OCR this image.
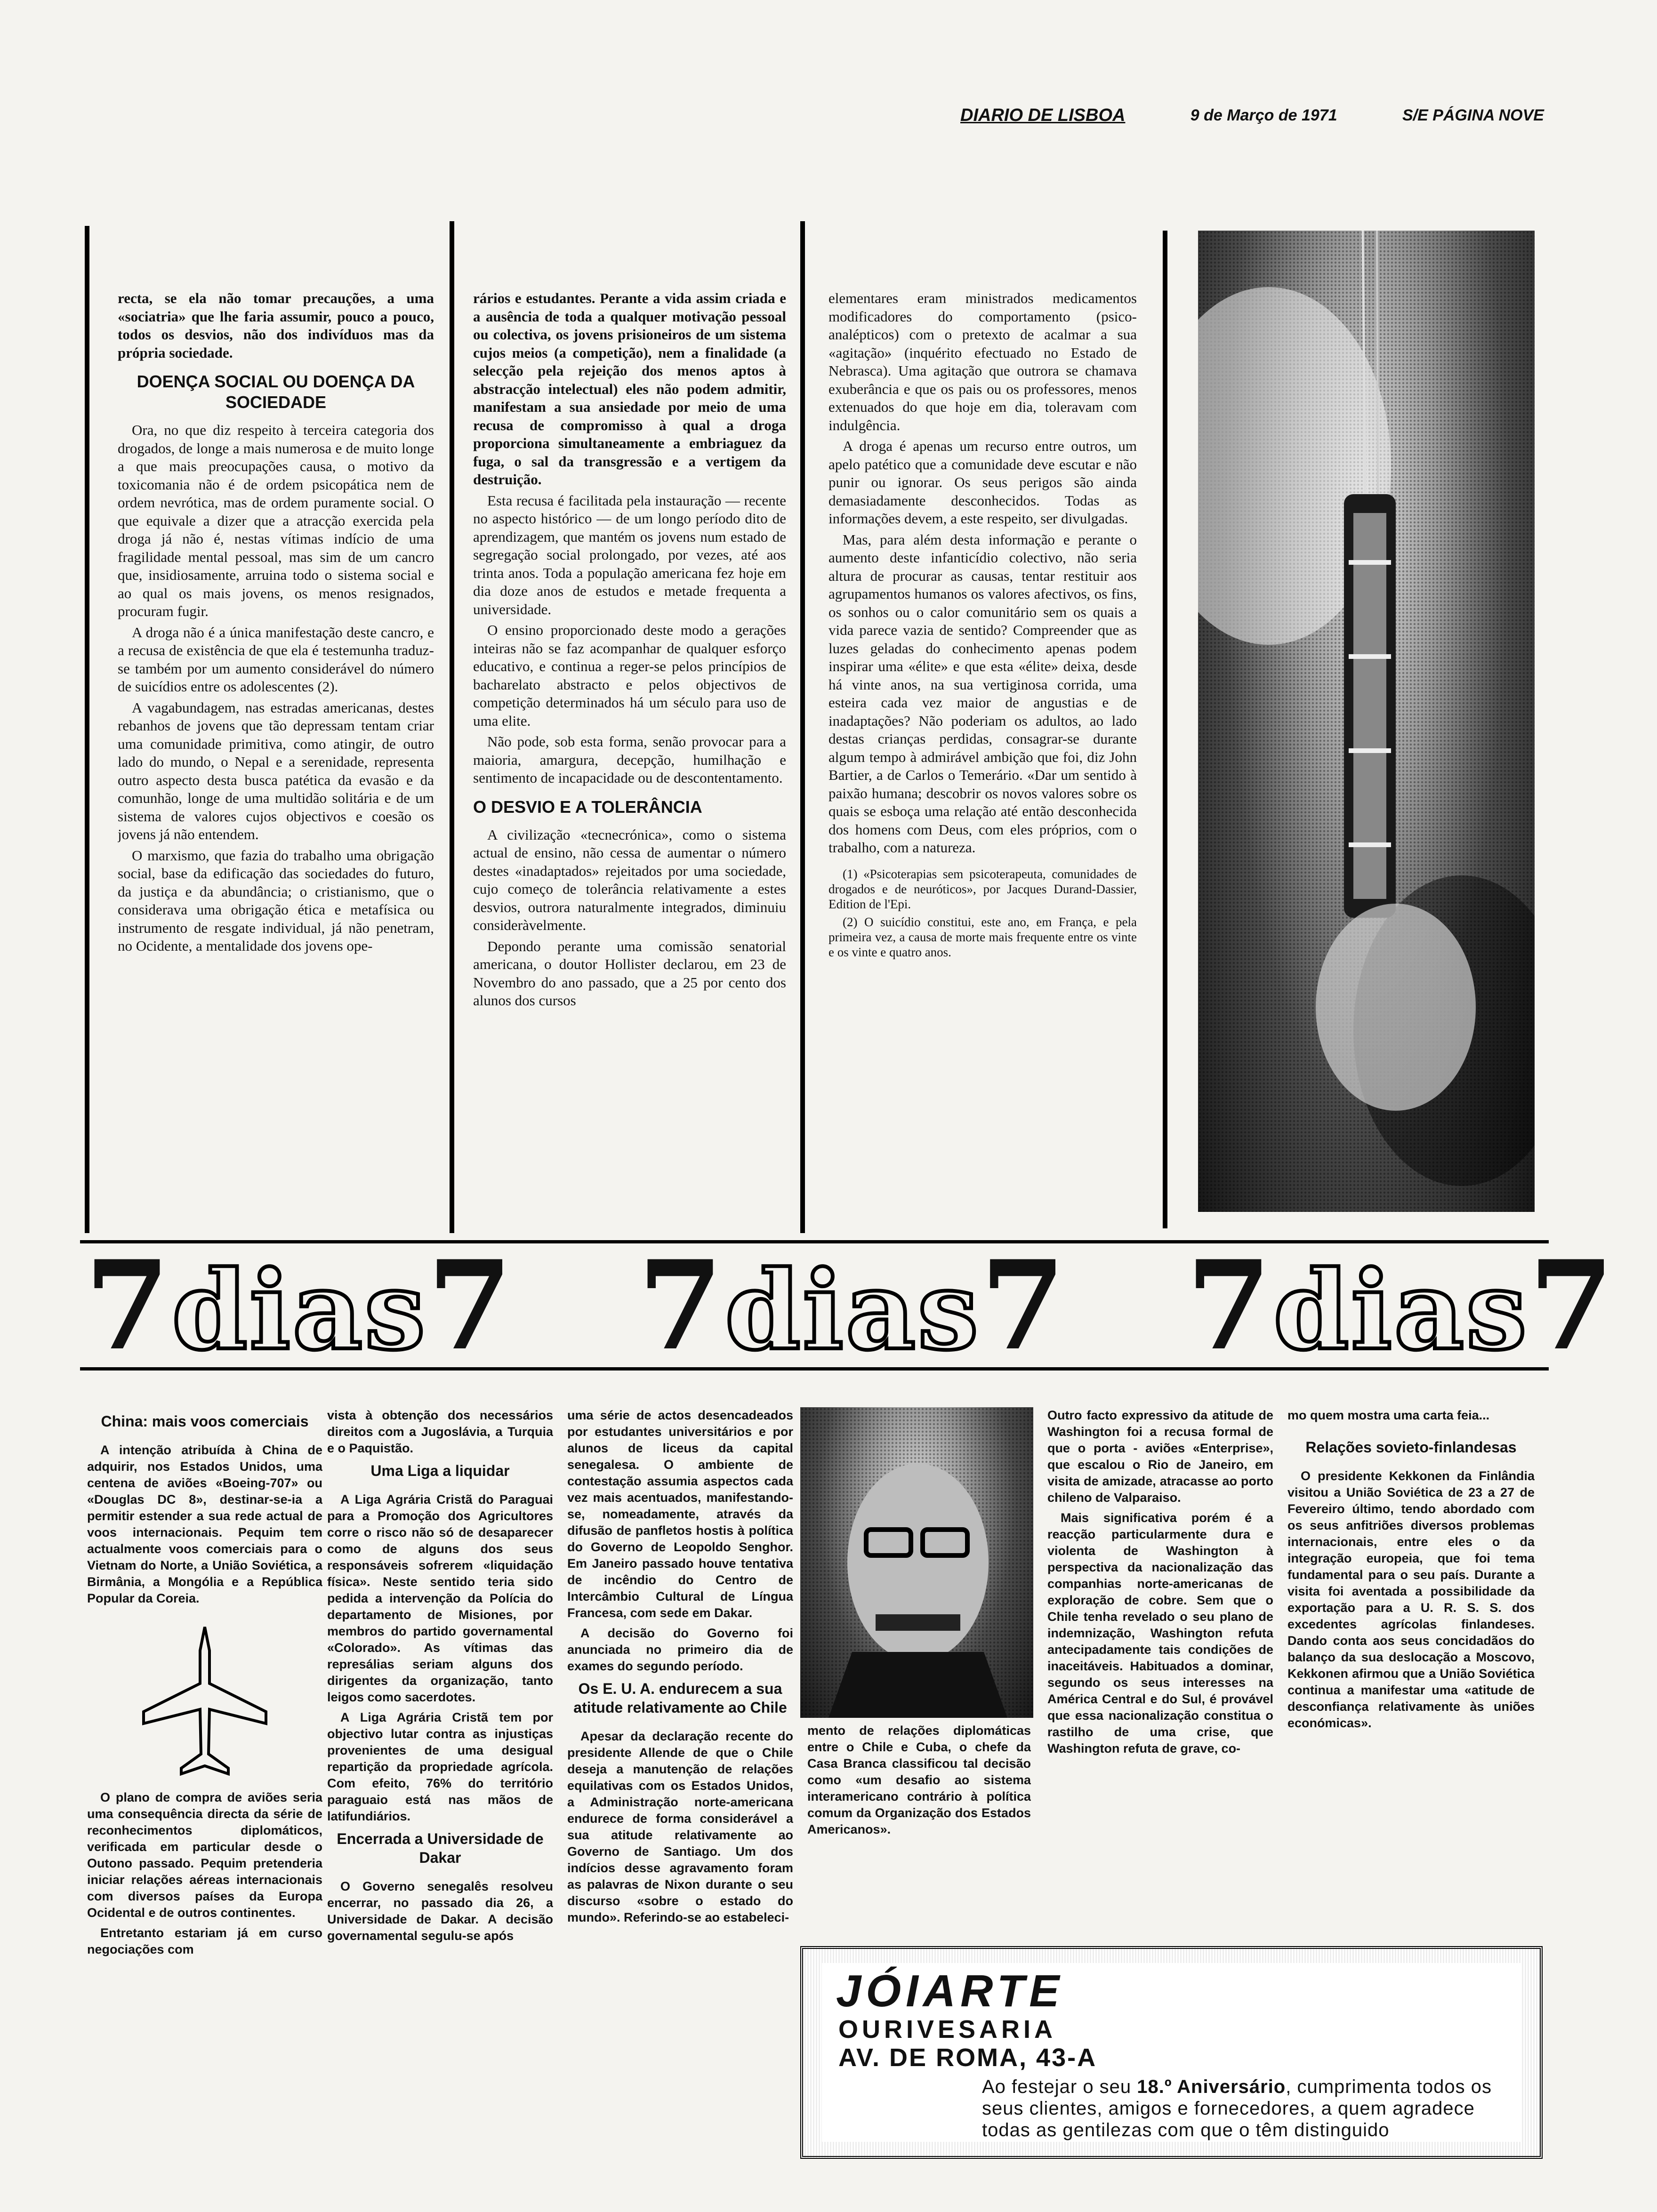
DIARIO DE LISBOA	9 de Março de 1971	S/E PÁGINA NOVE

recta, se ela não tomar precauções, a uma «sociatria» que lhe faria assumir, pouco a pouco, todos os desvios, não dos indivíduos mas da própria sociedade.

DOENÇA SOCIAL OU DOENÇA DA SOCIEDADE

Ora, no que diz respeito à terceira categoria dos drogados, de longe a mais numerosa e de muito longe a que mais preocupações causa, o motivo da toxicomania não é de ordem psicopática nem de ordem nevrótica, mas de ordem puramente social. O que equivale a dizer que a atracção exercida pela droga já não é, nestas vítimas indício de uma fragilidade mental pessoal, mas sim de um cancro que, insidiosamente, arruina todo o sistema social e ao qual os mais jovens, os menos resignados, procuram fugir.

A droga não é a única manifestação deste cancro, e a recusa de existência de que ela é testemunha traduz-se também por um aumento considerável do número de suicídios entre os adolescentes (2).

A vagabundagem, nas estradas americanas, destes rebanhos de jovens que tão depressam tentam criar uma comunidade primitiva, como atingir, de outro lado do mundo, o Nepal e a serenidade, representa outro aspecto desta busca patética da evasão e da comunhão, longe de uma multidão solitária e de um sistema de valores cujos objectivos e coesão os jovens já não entendem.

O marxismo, que fazia do trabalho uma obrigação social, base da edificação das sociedades do futuro, da justiça e da abundância; o cristianismo, que o considerava uma obrigação ética e metafísica ou instrumento de resgate individual, já não penetram, no Ocidente, a mentalidade dos jovens ope-

rários e estudantes. Perante a vida assim criada e a ausência de toda a qualquer motivação pessoal ou colectiva, os jovens prisioneiros de um sistema cujos meios (a competição), nem a finalidade (a selecção pela rejeição dos menos aptos à abstracção intelectual) eles não podem admitir, manifestam a sua ansiedade por meio de uma recusa de compromisso à qual a droga proporciona simultaneamente a embriaguez da fuga, o sal da transgressão e a vertigem da destruição.

Esta recusa é facilitada pela instauração — recente no aspecto histórico — de um longo período dito de aprendizagem, que mantém os jovens num estado de segregação social prolongado, por vezes, até aos trinta anos. Toda a população americana fez hoje em dia doze anos de estudos e metade frequenta a universidade.

O ensino proporcionado deste modo a gerações inteiras não se faz acompanhar de qualquer esforço educativo, e continua a reger-se pelos princípios de bacharelato abstracto e pelos objectivos de competição determinados há um século para uso de uma elite.

Não pode, sob esta forma, senão provocar para a maioria, amargura, decepção, humilhação e sentimento de incapacidade ou de descontentamento.

O DESVIO E A TOLERÂNCIA

A civilização «tecnecrónica», como o sistema actual de ensino, não cessa de aumentar o número destes «inadaptados» rejeitados por uma sociedade, cujo começo de tolerância relativamente a estes desvios, outrora naturalmente integrados, diminuiu consideràvelmente.

Depondo perante uma comissão senatorial americana, o doutor Hollister declarou, em 23 de Novembro do ano passado, que a 25 por cento dos alunos dos cursos

elementares eram ministrados medicamentos modificadores do comportamento (psico-analépticos) com o pretexto de acalmar a sua «agitação» (inquérito efectuado no Estado de Nebrasca). Uma agitação que outrora se chamava exuberância e que os pais ou os professores, menos extenuados do que hoje em dia, toleravam com indulgência.

A droga é apenas um recurso entre outros, um apelo patético que a comunidade deve escutar e não punir ou ignorar. Os seus perigos são ainda demasiadamente desconhecidos. Todas as informações devem, a este respeito, ser divulgadas.

Mas, para além desta informação e perante o aumento deste infanticídio colectivo, não seria altura de procurar as causas, tentar restituir aos agrupamentos humanos os valores afectivos, os fins, os sonhos ou o calor comunitário sem os quais a vida parece vazia de sentido? Compreender que as luzes geladas do conhecimento apenas podem inspirar uma «élite» e que esta «élite» deixa, desde há vinte anos, na sua vertiginosa corrida, uma esteira cada vez maior de angustias e de inadaptações? Não poderiam os adultos, ao lado destas crianças perdidas, consagrar-se durante algum tempo à admirável ambição que foi, diz John Bartier, a de Carlos o Temerário. «Dar um sentido à paixão humana; descobrir os novos valores sobre os quais se esboça uma relação até então desconhecida dos homens com Deus, com eles próprios, com o trabalho, com a natureza.

(1) «Psicoterapias sem psicoterapeuta, comunidades de drogados e de neuróticos», por Jacques Durand-Dassier, Edition de l'Epi.

(2) O suicídio constitui, este ano, em França, e pela primeira vez, a causa de morte mais frequente entre os vinte e os vinte e quatro anos.

7dias7 7dias7 7dias7
China: mais voos comerciais

A intenção atribuída à China de adquirir, nos Estados Unidos, uma centena de aviões «Boeing-707» ou «Douglas DC 8», destinar-se-ia a permitir estender a sua rede actual de voos internacionais. Pequim tem actualmente voos comerciais para o Vietnam do Norte, a União Soviética, a Birmânia, a Mongólia e a República Popular da Coreia.

O plano de compra de aviões seria uma consequência directa da série de reconhecimentos diplomáticos, verificada em particular desde o Outono passado. Pequim pretenderia iniciar relações aéreas internacionais com diversos países da Europa Ocidental e de outros continentes.

Entretanto estariam já em curso negociações com

vista à obtenção dos necessários direitos com a Jugoslávia, a Turquia e o Paquistão.

Uma Liga a liquidar

A Liga Agrária Cristã do Paraguai para a Promoção dos Agricultores corre o risco não só de desaparecer como de alguns dos seus responsáveis sofrerem «liquidação física». Neste sentido teria sido pedida a intervenção da Polícia do departamento de Misiones, por membros do partido governamental «Colorado». As vítimas das represálias seriam alguns dos dirigentes da organização, tanto leigos como sacerdotes.

A Liga Agrária Cristã tem por objectivo lutar contra as injustiças provenientes de uma desigual repartição da propriedade agrícola. Com efeito, 76% do território paraguaio está nas mãos de latifundiários.

Encerrada a Universidade de Dakar

O Governo senegalês resolveu encerrar, no passado dia 26, a Universidade de Dakar. A decisão governamental segulu-se após

uma série de actos desencadeados por estudantes universitários e por alunos de liceus da capital senegalesa. O ambiente de contestação assumia aspectos cada vez mais acentuados, manifestando-se, nomeadamente, através da difusão de panfletos hostis à política do Governo de Leopoldo Senghor. Em Janeiro passado houve tentativa de incêndio do Centro de Intercâmbio Cultural de Língua Francesa, com sede em Dakar.

A decisão do Governo foi anunciada no primeiro dia de exames do segundo período.

Os E. U. A. endurecem a sua atitude relativamente ao Chile

Apesar da declaração recente do presidente Allende de que o Chile deseja a manutenção de relações equilativas com os Estados Unidos, a Administração norte-americana endurece de forma considerável a sua atitude relativamente ao Governo de Santiago. Um dos indícios desse agravamento foram as palavras de Nixon durante o seu discurso «sobre o estado do mundo». Referindo-se ao estabeleci-

mento de relações diplomáticas entre o Chile e Cuba, o chefe da Casa Branca classificou tal decisão como «um desafio ao sistema interamericano contrário à política comum da Organização dos Estados Americanos».

Outro facto expressivo da atitude de Washington foi a recusa formal de que o porta - aviões «Enterprise», que escalou o Rio de Janeiro, em visita de amizade, atracasse ao porto chileno de Valparaiso.

Mais significativa porém é a reacção particularmente dura e violenta de Washington à perspectiva da nacionalização das companhias norte-americanas de exploração de cobre. Sem que o Chile tenha revelado o seu plano de indemnização, Washington refuta antecipadamente tais condições de inaceitáveis. Habituados a dominar, segundo os seus interesses na América Central e do Sul, é provável que essa nacionalização constitua o rastilho de uma crise, que Washington refuta de grave, co-

mo quem mostra uma carta feia...

Relações sovieto-finlandesas

O presidente Kekkonen da Finlândia visitou a União Soviética de 23 a 27 de Fevereiro último, tendo abordado com os seus anfitriões diversos problemas internacionais, entre eles o da integração europeia, que foi tema fundamental para o seu país. Durante a visita foi aventada a possibilidade da exportação para a U. R. S. S. dos excedentes agrícolas finlandeses. Dando conta aos seus concidadãos do balanço da sua deslocação a Moscovo, Kekkonen afirmou que a União Soviética continua a manifestar uma «atitude de desconfiança relativamente às uniões económicas».

JÓIARTE
OURIVESARIA
AV. DE ROMA, 43-A
Ao festejar o seu 18.º Aniversário, cumprimenta todos os seus clientes, amigos e fornecedores, a quem agradece todas as gentilezas com que o têm distinguido
